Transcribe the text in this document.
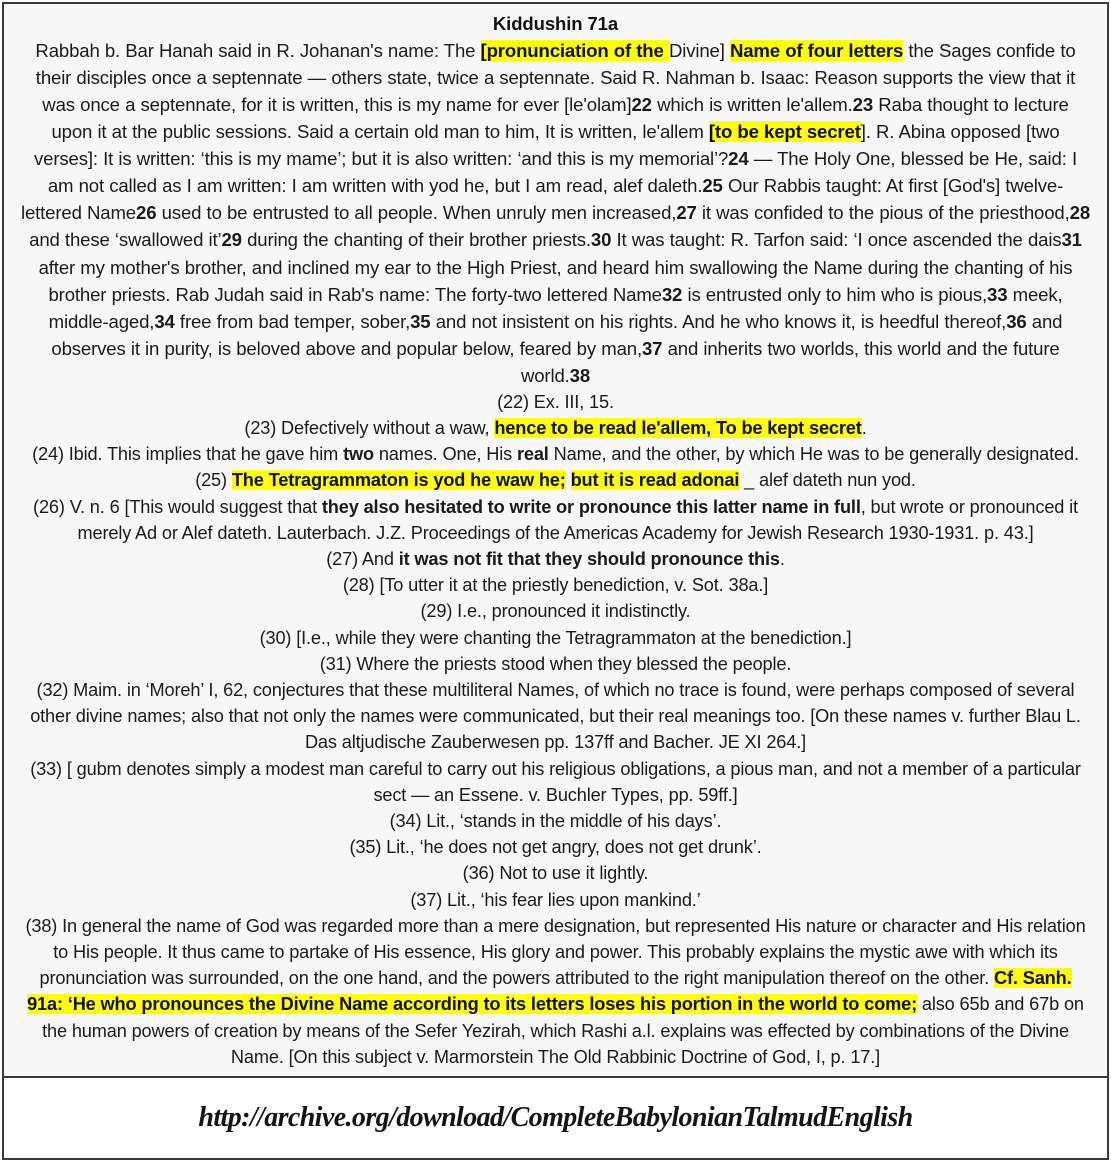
Kiddushin 71a
Rabbah b. Bar Hanah said in R. Johanan's name: The [pronunciation of the Divine] Name of four letters the Sages confide to their disciples once a septennate — others state, twice a septennate. Said R. Nahman b. Isaac: Reason supports the view that it was once a septennate, for it is written, this is my name for ever [le'olam]22 which is written le'allem.23 Raba thought to lecture upon it at the public sessions. Said a certain old man to him, It is written, le'allem [to be kept secret]. R. Abina opposed [two verses]: It is written: ‘this is my mame’; but it is also written: ‘and this is my memorial’?24 — The Holy One, blessed be He, said: I am not called as I am written: I am written with yod he, but I am read, alef daleth.25 Our Rabbis taught: At first [God's] twelve-lettered Name26 used to be entrusted to all people. When unruly men increased,27 it was confided to the pious of the priesthood,28 and these ‘swallowed it’29 during the chanting of their brother priests.30 It was taught: R. Tarfon said: ‘I once ascended the dais31 after my mother's brother, and inclined my ear to the High Priest, and heard him swallowing the Name during the chanting of his brother priests. Rab Judah said in Rab's name: The forty-two lettered Name32 is entrusted only to him who is pious,33 meek, middle-aged,34 free from bad temper, sober,35 and not insistent on his rights. And he who knows it, is heedful thereof,36 and observes it in purity, is beloved above and popular below, feared by man,37 and inherits two worlds, this world and the future world.38
(22) Ex. III, 15.
(23) Defectively without a waw, hence to be read le'allem, To be kept secret.
(24) Ibid. This implies that he gave him two names. One, His real Name, and the other, by which He was to be generally designated.
(25) The Tetragrammaton is yod he waw he; but it is read adonai _ alef dateth nun yod.
(26) V. n. 6 [This would suggest that they also hesitated to write or pronounce this latter name in full, but wrote or pronounced it merely Ad or Alef dateth. Lauterbach. J.Z. Proceedings of the Americas Academy for Jewish Research 1930-1931. p. 43.]
(27) And it was not fit that they should pronounce this.
(28) [To utter it at the priestly benediction, v. Sot. 38a.]
(29) I.e., pronounced it indistinctly.
(30) [I.e., while they were chanting the Tetragrammaton at the benediction.]
(31) Where the priests stood when they blessed the people.
(32) Maim. in ‘Moreh’ I, 62, conjectures that these multiliteral Names, of which no trace is found, were perhaps composed of several other divine names; also that not only the names were communicated, but their real meanings too. [On these names v. further Blau L. Das altjudische Zauberwesen pp. 137ff and Bacher. JE XI 264.]
(33) [ gubm denotes simply a modest man careful to carry out his religious obligations, a pious man, and not a member of a particular sect — an Essene. v. Buchler Types, pp. 59ff.]
(34) Lit., ‘stands in the middle of his days’.
(35) Lit., ‘he does not get angry, does not get drunk’.
(36) Not to use it lightly.
(37) Lit., ‘his fear lies upon mankind.’
(38) In general the name of God was regarded more than a mere designation, but represented His nature or character and His relation to His people. It thus came to partake of His essence, His glory and power. This probably explains the mystic awe with which its pronunciation was surrounded, on the one hand, and the powers attributed to the right manipulation thereof on the other. Cf. Sanh. 91a: ‘He who pronounces the Divine Name according to its letters loses his portion in the world to come; also 65b and 67b on the human powers of creation by means of the Sefer Yezirah, which Rashi a.l. explains was effected by combinations of the Divine Name. [On this subject v. Marmorstein The Old Rabbinic Doctrine of God, I, p. 17.]
http://archive.org/download/CompleteBabylonianTalmudEnglish
